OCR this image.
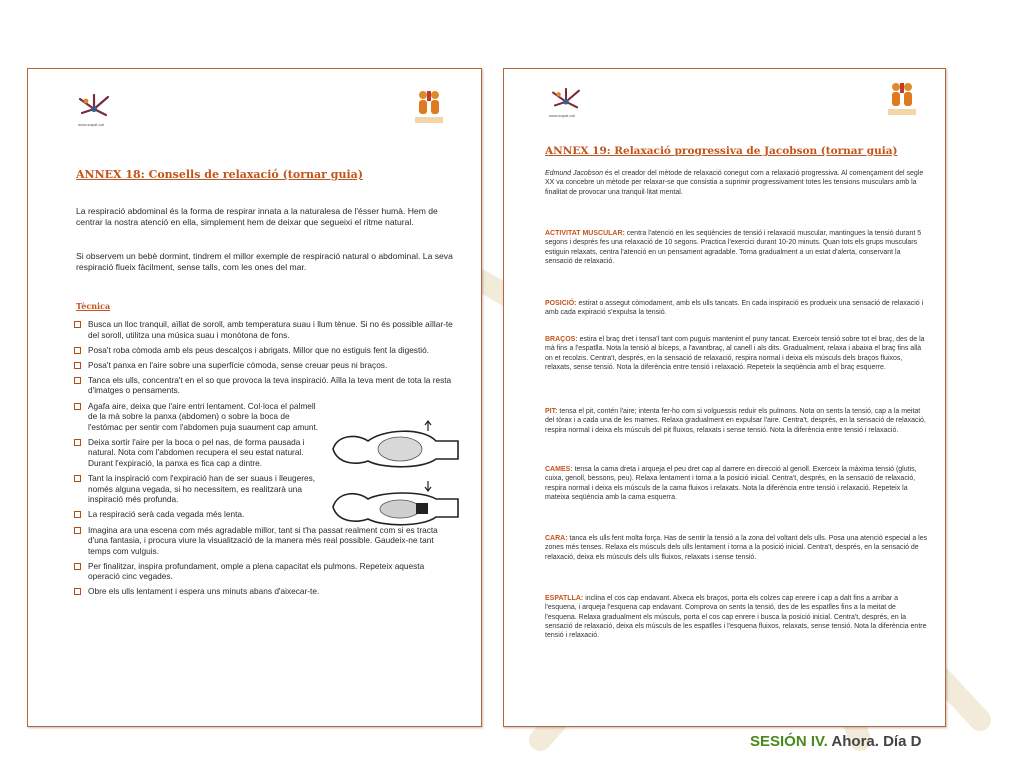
www.sapat.cat
ANNEX 18: Consells de relaxació (tornar guia)

La respiració abdominal és la forma de respirar innata a la naturalesa de l'ésser humà. Hem de centrar la nostra atenció en ella, simplement hem de deixar que segueixi el ritme natural.

Si observem un bebè dormint, tindrem el millor exemple de respiració natural o abdominal. La seva respiració flueix fàcilment, sense talls, com les ones del mar.

Tècnica
Busca un lloc tranquil, aïllat de soroll, amb temperatura suau i llum tènue. Si no és possible aïllar-te del soroll, utilitza una música suau i monòtona de fons.
Posa't roba còmoda amb els peus descalços i abrigats. Millor que no estiguis fent la digestió.
Posa't panxa en l'aire sobre una superfície còmoda, sense creuar peus ni braços.
Tanca els ulls, concentra't en el so que provoca la teva inspiració. Aïlla la teva ment de tota la resta d'imatges o pensaments.
Agafa aire, deixa que l'aire entri lentament. Col·loca el palmell de la mà sobre la panxa (abdomen) o sobre la boca de l'estómac per sentir com l'abdomen puja suaument cap amunt.
Deixa sortir l'aire per la boca o pel nas, de forma pausada i natural. Nota com l'abdomen recupera el seu estat natural. Durant l'expiració, la panxa es fica cap a dintre.
Tant la inspiració com l'expiració han de ser suaus i lleugeres, només alguna vegada, si ho necessitem, es realitzarà una inspiració més profunda.
La respiració serà cada vegada més lenta.
Imagina ara una escena com més agradable millor, tant si t'ha passat realment com si es tracta d'una fantasia, i procura viure la visualització de la manera més real possible. Gaudeix-ne tant temps com vulguis.
Per finalitzar, inspira profundament, omple a plena capacitat els pulmons. Repeteix aquesta operació cinc vegades.
Obre els ulls lentament i espera uns minuts abans d'aixecar-te.
www.sapat.cat
ANNEX 19: Relaxació progressiva de Jacobson (tornar guia)

Edmund Jacobson és el creador del mètode de relaxació conegut com a relaxació progressiva. Al començament del segle XX va concebre un mètode per relaxar-se que consistia a suprimir progressivament totes les tensions musculars amb la finalitat de provocar una tranquil·litat mental.

ACTIVITAT MUSCULAR: centra l'atenció en les seqüències de tensió i relaxació muscular, mantingues la tensió durant 5 segons i després fes una relaxació de 10 segons. Practica l'exercici durant 10-20 minuts. Quan tots els grups musculars estiguin relaxats, centra l'atenció en un pensament agradable. Torna gradualment a un estat d'alerta, conservant la sensació de relaxació.

POSICIÓ: estirat o assegut còmodament, amb els ulls tancats. En cada inspiració es produeix una sensació de relaxació i amb cada expiració s'expulsa la tensió.

BRAÇOS: estira el braç dret i tensa'l tant com puguis mantenint el puny tancat. Exerceix tensió sobre tot el braç, des de la mà fins a l'espatlla. Nota la tensió al bíceps, a l'avantbraç, al canell i als dits. Gradualment, relaxa i abaixa el braç fins allà on et recolzis. Centra't, després, en la sensació de relaxació, respira normal i deixa els músculs dels braços fluixos, relaxats, sense tensió. Nota la diferència entre tensió i relaxació. Repeteix la seqüència amb el braç esquerre.

PIT: tensa el pit, contén l'aire; intenta fer-ho com si volguessis reduir els pulmons. Nota on sents la tensió, cap a la meitat del tòrax i a cada una de les mames. Relaxa gradualment en expulsar l'aire. Centra't, després, en la sensació de relaxació, respira normal i deixa els músculs del pit fluixos, relaxats i sense tensió. Nota la diferència entre tensió i relaxació.

CAMES: tensa la cama dreta i arqueja el peu dret cap al darrere en direcció al genoll. Exerceix la màxima tensió (glutis, cuixa, genoll, bessons, peu). Relaxa lentament i torna a la posició inicial. Centra't, després, en la sensació de relaxació, respira normal i deixa els músculs de la cama fluixos i relaxats. Nota la diferència entre tensió i relaxació. Repeteix la mateixa seqüència amb la cama esquerra.

CARA: tanca els ulls fent molta força. Has de sentir la tensió a la zona del voltant dels ulls. Posa una atenció especial a les zones més tenses. Relaxa els músculs dels ulls lentament i torna a la posició inicial. Centra't, després, en la sensació de relaxació, deixa els músculs dels ulls fluixos, relaxats i sense tensió.

ESPATLLA: inclina el cos cap endavant. Alxeca els braços, porta els colzes cap enrere i cap a dalt fins a arribar a l'esquena, i arqueja l'esquena cap endavant. Comprova on sents la tensió, des de les espatlles fins a la meitat de l'esquena. Relaxa gradualment els músculs, porta el cos cap enrere i busca la posició inicial. Centra't, després, en la sensació de relaxació, deixa els músculs de les espatlles i l'esquena fluixos, relaxats, sense tensió. Nota la diferència entre tensió i relaxació.

SESIÓN IV. Ahora. Día D
